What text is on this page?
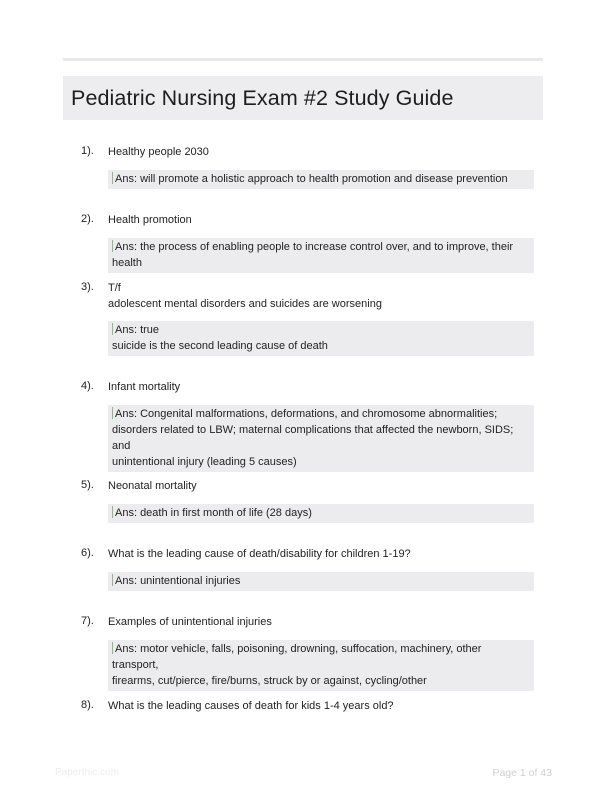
Pediatric Nursing Exam #2 Study Guide
1). Healthy people 2030
Ans: will promote a holistic approach to health promotion and disease prevention
2). Health promotion
Ans: the process of enabling people to increase control over, and to improve, their health
3). T/f
adolescent mental disorders and suicides are worsening
Ans: true
suicide is the second leading cause of death
4). Infant mortality
Ans: Congenital malformations, deformations, and chromosome abnormalities;
disorders related to LBW; maternal complications that affected the newborn, SIDS; and
unintentional injury (leading 5 causes)
5). Neonatal mortality
Ans: death in first month of life (28 days)
6). What is the leading cause of death/disability for children 1-19?
Ans: unintentional injuries
7). Examples of unintentional injuries
Ans: motor vehicle, falls, poisoning, drowning, suffocation, machinery, other transport,
firearms, cut/pierce, fire/burns, struck by or against, cycling/other
8). What is the leading causes of death for kids 1-4 years old?
Paperthic.com	Page 1 of 43
